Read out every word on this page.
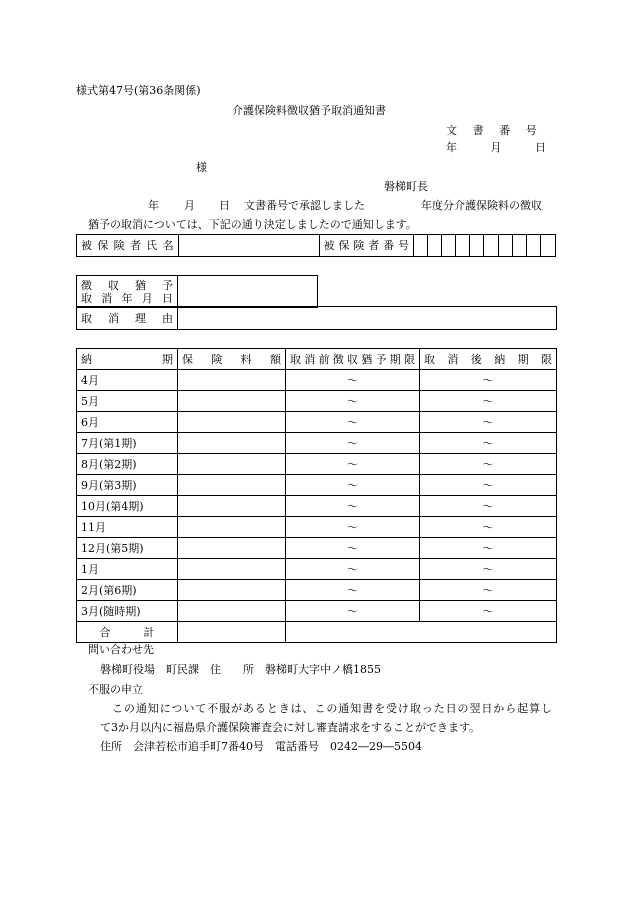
様式第47号(第36条関係)
介護保険料徴収猶予取消通知書
文 書 番 号
年　　月　　日
様
磐梯町長
年 月 日 文書番号で承認しました	年度分介護保険料の徴収
猶予の取消については、下記の通り決定しましたので通知します。
被保険者氏名		被保険者番号										
徴　収　猶　予
取消年月日

取　消　理　由	
納　　　期	保　険　料　額	取消前徴収猶予期限	取　消　後　納　期　限
4月		～	～
5月		～	～
6月		～	～
7月(第1期)		～	～
8月(第2期)		～	～
9月(第3期)		～	～
10月(第4期)		～	～
11月		～	～
12月(第5期)		～	～
1月		～	～
2月(第6期)		～	～
3月(随時期)		～	～
合　　　計			
問い合わせ先
磐梯町役場　町民課　住　　所　磐梯町大字中ノ橋1855
不服の申立
この通知について不服があるときは、この通知書を受け取った日の翌日から起算し
て3か月以内に福島県介護保険審査会に対し審査請求をすることができます。
住所　会津若松市追手町7番40号　電話番号　0242―29―5504
